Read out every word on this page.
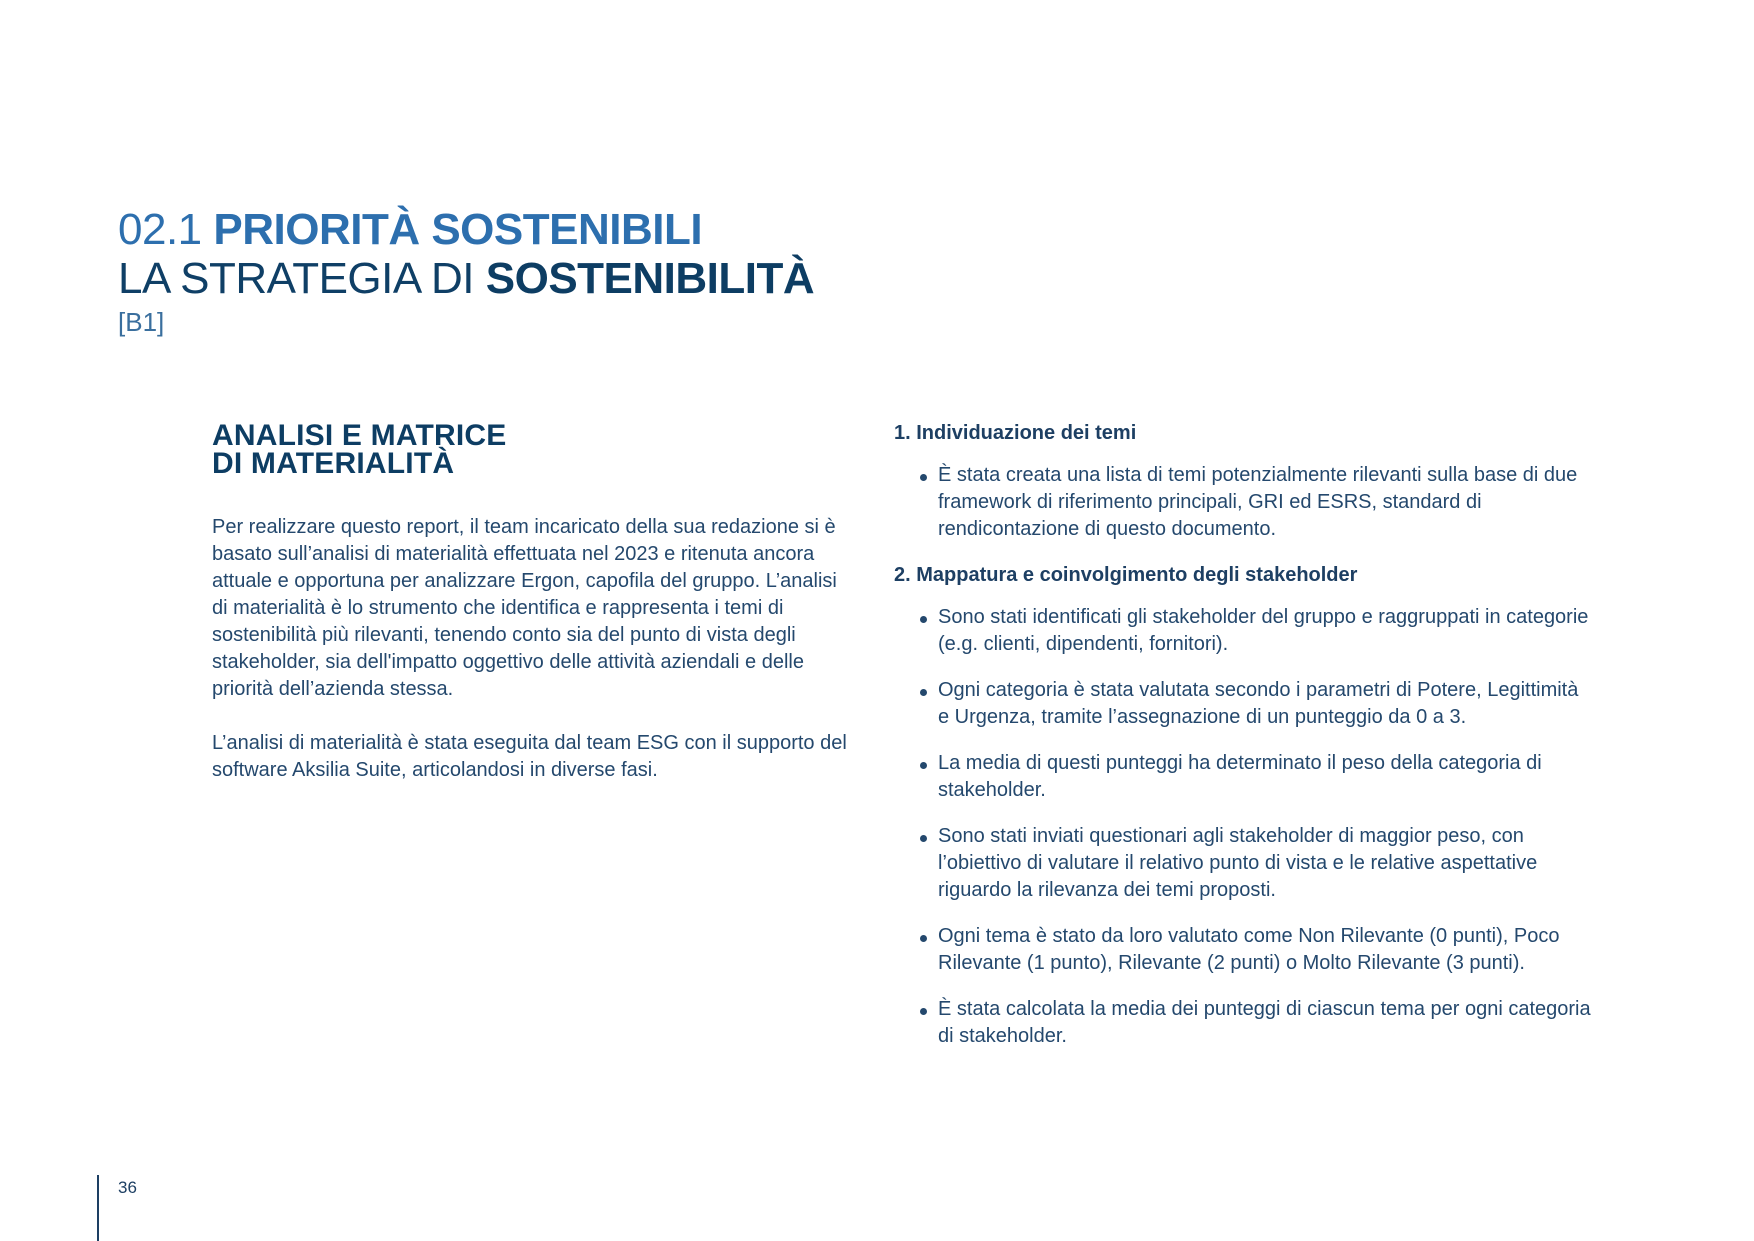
02.1 PRIORITÀ SOSTENIBILI
LA STRATEGIA DI SOSTENIBILITÀ
[B1]
ANALISI E MATRICE
DI MATERIALITÀ

Per realizzare questo report, il team incaricato della sua redazione si è basato sull’analisi di materialità effettuata nel 2023 e ritenuta ancora attuale e opportuna per analizzare Ergon, capofila del gruppo. L’analisi di materialità è lo strumento che identifica e rappresenta i temi di sostenibilità più rilevanti, tenendo conto sia del punto di vista degli stakeholder, sia dell'impatto oggettivo delle attività aziendali e delle priorità dell’azienda stessa.

L’analisi di materialità è stata eseguita dal team ESG con il supporto del software Aksilia Suite, articolandosi in diverse fasi.

1. Individuazione dei temi
È stata creata una lista di temi potenzialmente rilevanti sulla base di due framework di riferimento principali, GRI ed ESRS, standard di rendicontazione di questo documento.
2. Mappatura e coinvolgimento degli stakeholder
Sono stati identificati gli stakeholder del gruppo e raggruppati in categorie (e.g. clienti, dipendenti, fornitori).
Ogni categoria è stata valutata secondo i parametri di Potere, Legittimità e Urgenza, tramite l’assegnazione di un punteggio da 0 a 3.
La media di questi punteggi ha determinato il peso della categoria di stakeholder.
Sono stati inviati questionari agli stakeholder di maggior peso, con l’obiettivo di valutare il relativo punto di vista e le relative aspettative riguardo la rilevanza dei temi proposti.
Ogni tema è stato da loro valutato come Non Rilevante (0 punti), Poco Rilevante (1 punto), Rilevante (2 punti) o Molto Rilevante (3 punti).
È stata calcolata la media dei punteggi di ciascun tema per ogni categoria di stakeholder.
36
